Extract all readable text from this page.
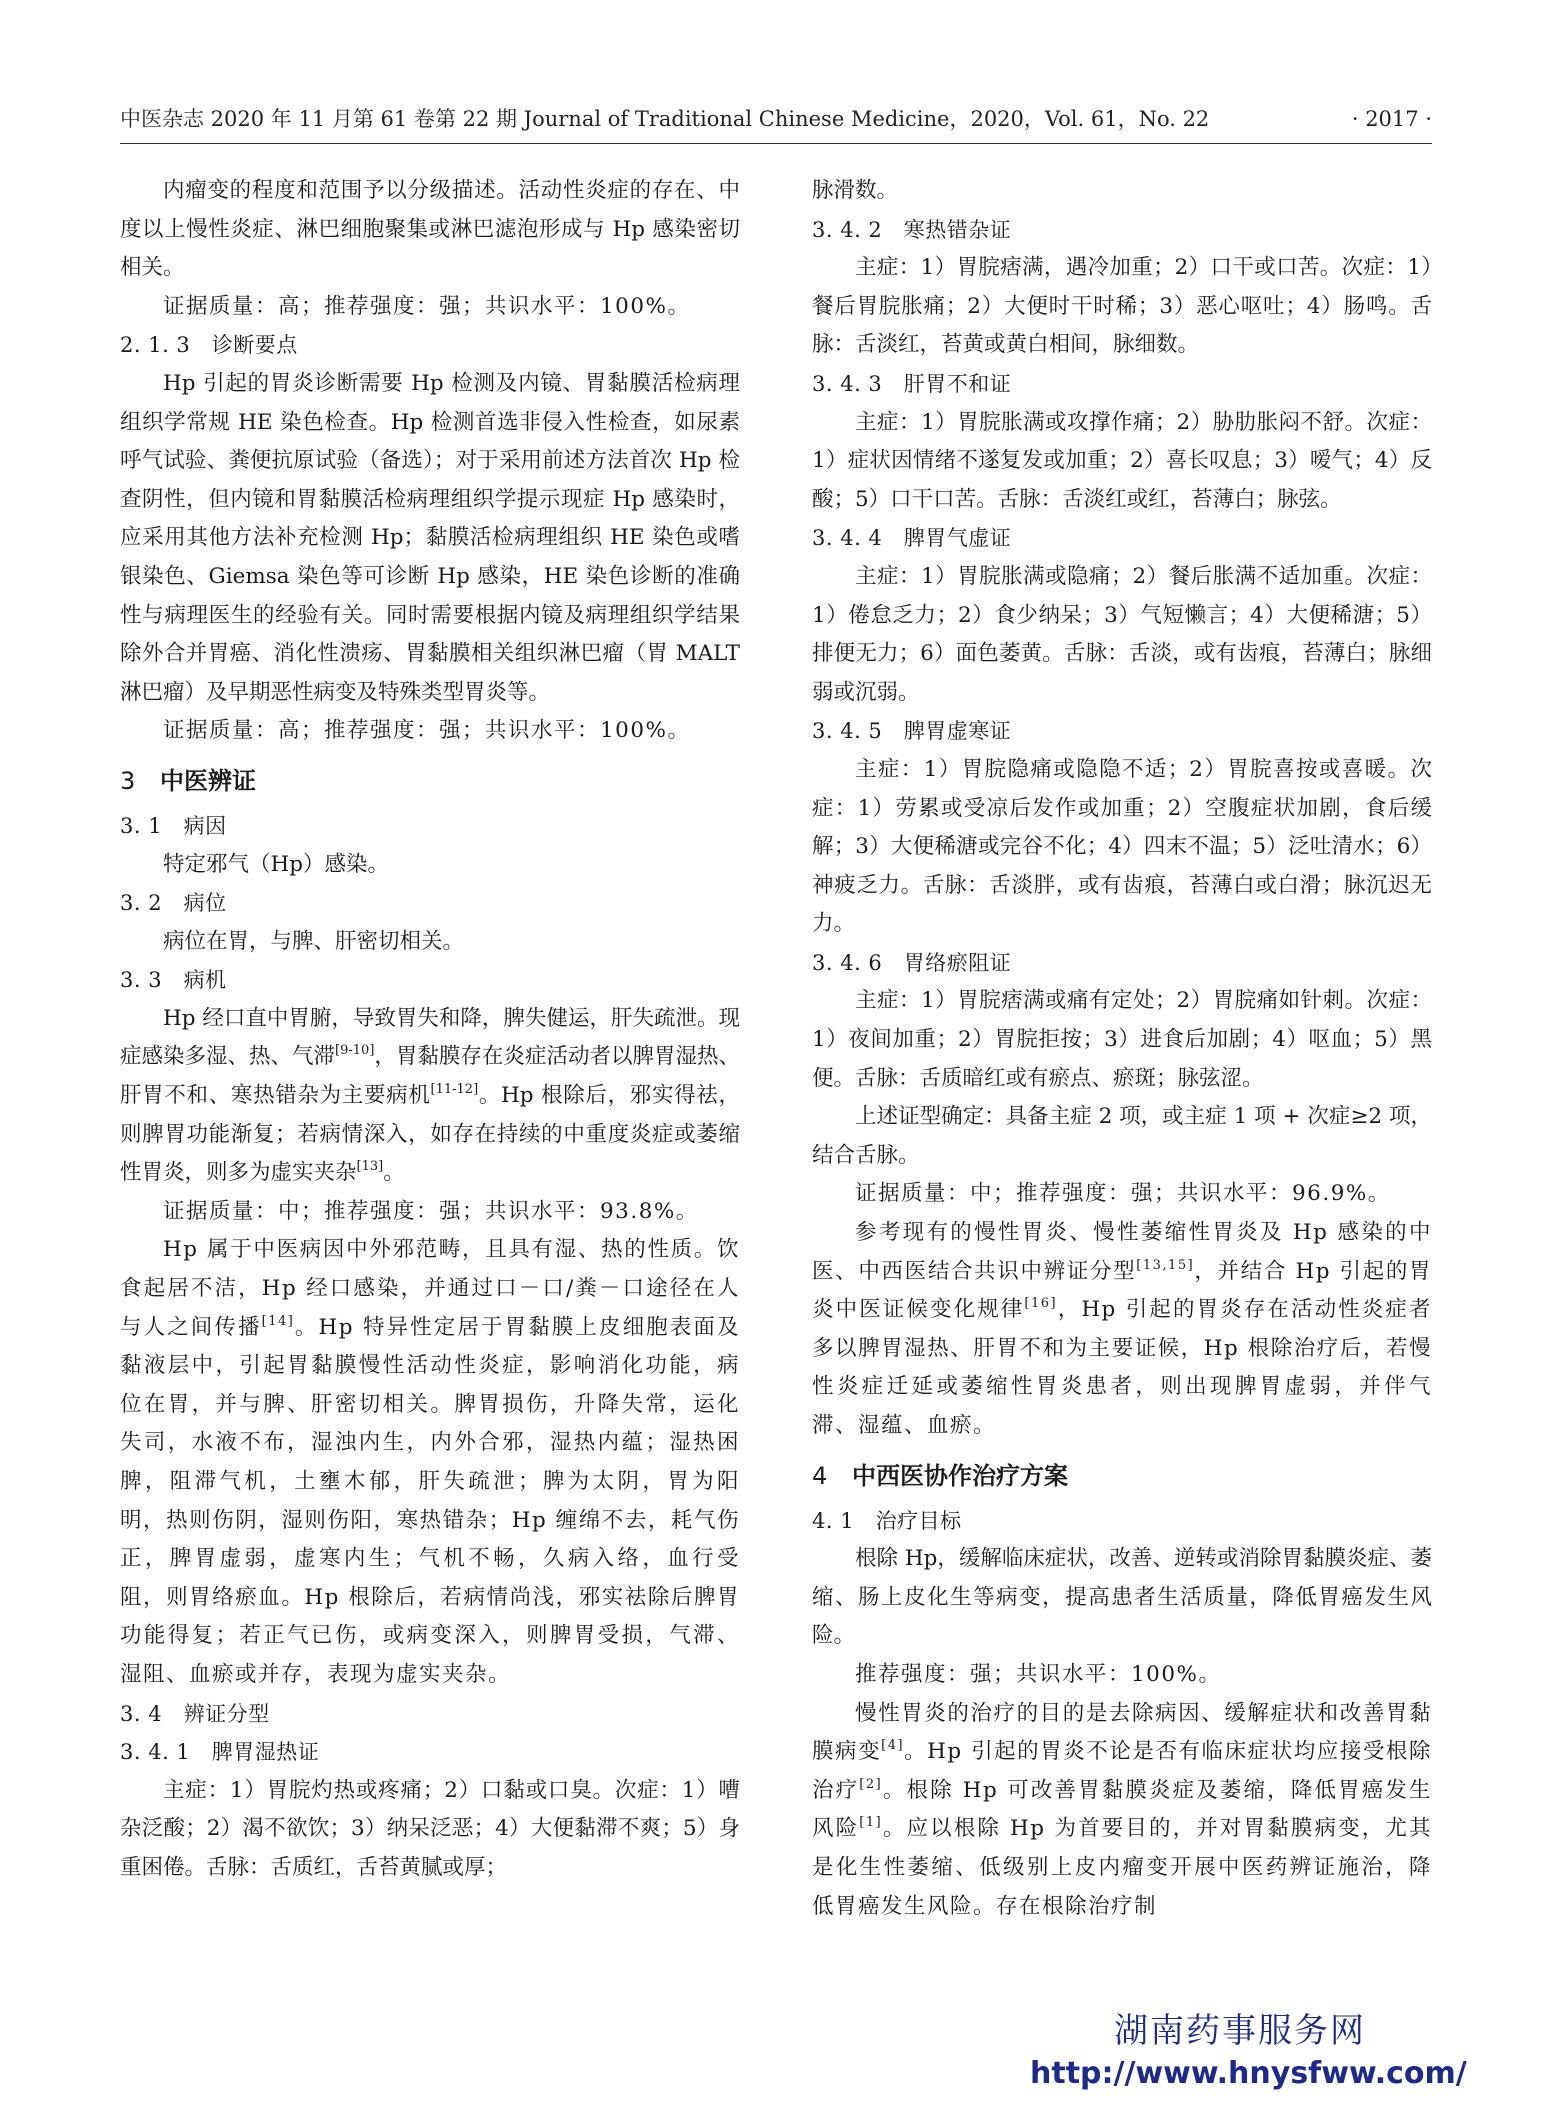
中医杂志 2020 年 11 月第 61 卷第 22 期 Journal of Traditional Chinese Medicine，2020，Vol. 61，No. 22	· 2017 ·

内瘤变的程度和范围予以分级描述。活动性炎症的存在、中度以上慢性炎症、淋巴细胞聚集或淋巴滤泡形成与 Hp 感染密切相关。

证据质量：高；推荐强度：强；共识水平：100%。

2. 1. 3　诊断要点

Hp 引起的胃炎诊断需要 Hp 检测及内镜、胃黏膜活检病理组织学常规 HE 染色检查。Hp 检测首选非侵入性检查，如尿素呼气试验、粪便抗原试验（备选）；对于采用前述方法首次 Hp 检查阴性，但内镜和胃黏膜活检病理组织学提示现症 Hp 感染时，应采用其他方法补充检测 Hp；黏膜活检病理组织 HE 染色或嗜银染色、Giemsa 染色等可诊断 Hp 感染，HE 染色诊断的准确性与病理医生的经验有关。同时需要根据内镜及病理组织学结果除外合并胃癌、消化性溃疡、胃黏膜相关组织淋巴瘤（胃 MALT 淋巴瘤）及早期恶性病变及特殊类型胃炎等。

证据质量：高；推荐强度：强；共识水平：100%。

3 中医辨证
3. 1　病因

特定邪气（Hp）感染。

3. 2　病位

病位在胃，与脾、肝密切相关。

3. 3　病机

Hp 经口直中胃腑，导致胃失和降，脾失健运，肝失疏泄。现症感染多湿、热、气滞[9-10]，胃黏膜存在炎症活动者以脾胃湿热、肝胃不和、寒热错杂为主要病机[11-12]。Hp 根除后，邪实得祛，则脾胃功能渐复；若病情深入，如存在持续的中重度炎症或萎缩性胃炎，则多为虚实夹杂[13]。

证据质量：中；推荐强度：强；共识水平：93.8%。

Hp 属于中医病因中外邪范畴，且具有湿、热的性质。饮食起居不洁，Hp 经口感染，并通过口－口/粪－口途径在人与人之间传播[14]。Hp 特异性定居于胃黏膜上皮细胞表面及黏液层中，引起胃黏膜慢性活动性炎症，影响消化功能，病位在胃，并与脾、肝密切相关。脾胃损伤，升降失常，运化失司，水液不布，湿浊内生，内外合邪，湿热内蕴；湿热困脾，阻滞气机，土壅木郁，肝失疏泄；脾为太阴，胃为阳明，热则伤阴，湿则伤阳，寒热错杂；Hp 缠绵不去，耗气伤正，脾胃虚弱，虚寒内生；气机不畅，久病入络，血行受阻，则胃络瘀血。Hp 根除后，若病情尚浅，邪实祛除后脾胃功能得复；若正气已伤，或病变深入，则脾胃受损，气滞、湿阻、血瘀或并存，表现为虚实夹杂。

3. 4　辨证分型
3. 4. 1　脾胃湿热证

主症：1）胃脘灼热或疼痛；2）口黏或口臭。次症：1）嘈杂泛酸；2）渴不欲饮；3）纳呆泛恶；4）大便黏滞不爽；5）身重困倦。舌脉：舌质红，舌苔黄腻或厚；

脉滑数。

3. 4. 2　寒热错杂证

主症：1）胃脘痞满，遇冷加重；2）口干或口苦。次症：1）餐后胃脘胀痛；2）大便时干时稀；3）恶心呕吐；4）肠鸣。舌脉：舌淡红，苔黄或黄白相间，脉细数。

3. 4. 3　肝胃不和证

主症：1）胃脘胀满或攻撑作痛；2）胁肋胀闷不舒。次症：1）症状因情绪不遂复发或加重；2）喜长叹息；3）嗳气；4）反酸；5）口干口苦。舌脉：舌淡红或红，苔薄白；脉弦。

3. 4. 4　脾胃气虚证

主症：1）胃脘胀满或隐痛；2）餐后胀满不适加重。次症：1）倦怠乏力；2）食少纳呆；3）气短懒言；4）大便稀溏；5）排便无力；6）面色萎黄。舌脉：舌淡，或有齿痕，苔薄白；脉细弱或沉弱。

3. 4. 5　脾胃虚寒证

主症：1）胃脘隐痛或隐隐不适；2）胃脘喜按或喜暖。次症：1）劳累或受凉后发作或加重；2）空腹症状加剧，食后缓解；3）大便稀溏或完谷不化；4）四末不温；5）泛吐清水；6）神疲乏力。舌脉：舌淡胖，或有齿痕，苔薄白或白滑；脉沉迟无力。

3. 4. 6　胃络瘀阻证

主症：1）胃脘痞满或痛有定处；2）胃脘痛如针刺。次症：1）夜间加重；2）胃脘拒按；3）进食后加剧；4）呕血；5）黑便。舌脉：舌质暗红或有瘀点、瘀斑；脉弦涩。

上述证型确定：具备主症 2 项，或主症 1 项 + 次症≥2 项，结合舌脉。

证据质量：中；推荐强度：强；共识水平：96.9%。

参考现有的慢性胃炎、慢性萎缩性胃炎及 Hp 感染的中医、中西医结合共识中辨证分型[13,15]，并结合 Hp 引起的胃炎中医证候变化规律[16]，Hp 引起的胃炎存在活动性炎症者多以脾胃湿热、肝胃不和为主要证候，Hp 根除治疗后，若慢性炎症迁延或萎缩性胃炎患者，则出现脾胃虚弱，并伴气滞、湿蕴、血瘀。

4 中西医协作治疗方案
4. 1　治疗目标

根除 Hp，缓解临床症状，改善、逆转或消除胃黏膜炎症、萎缩、肠上皮化生等病变，提高患者生活质量，降低胃癌发生风险。

推荐强度：强；共识水平：100%。

慢性胃炎的治疗的目的是去除病因、缓解症状和改善胃黏膜病变[4]。Hp 引起的胃炎不论是否有临床症状均应接受根除治疗[2]。根除 Hp 可改善胃黏膜炎症及萎缩，降低胃癌发生风险[1]。应以根除 Hp 为首要目的，并对胃黏膜病变，尤其是化生性萎缩、低级别上皮内瘤变开展中医药辨证施治，降低胃癌发生风险。存在根除治疗制

湖南药事服务网
http://www.hnysfww.com/
